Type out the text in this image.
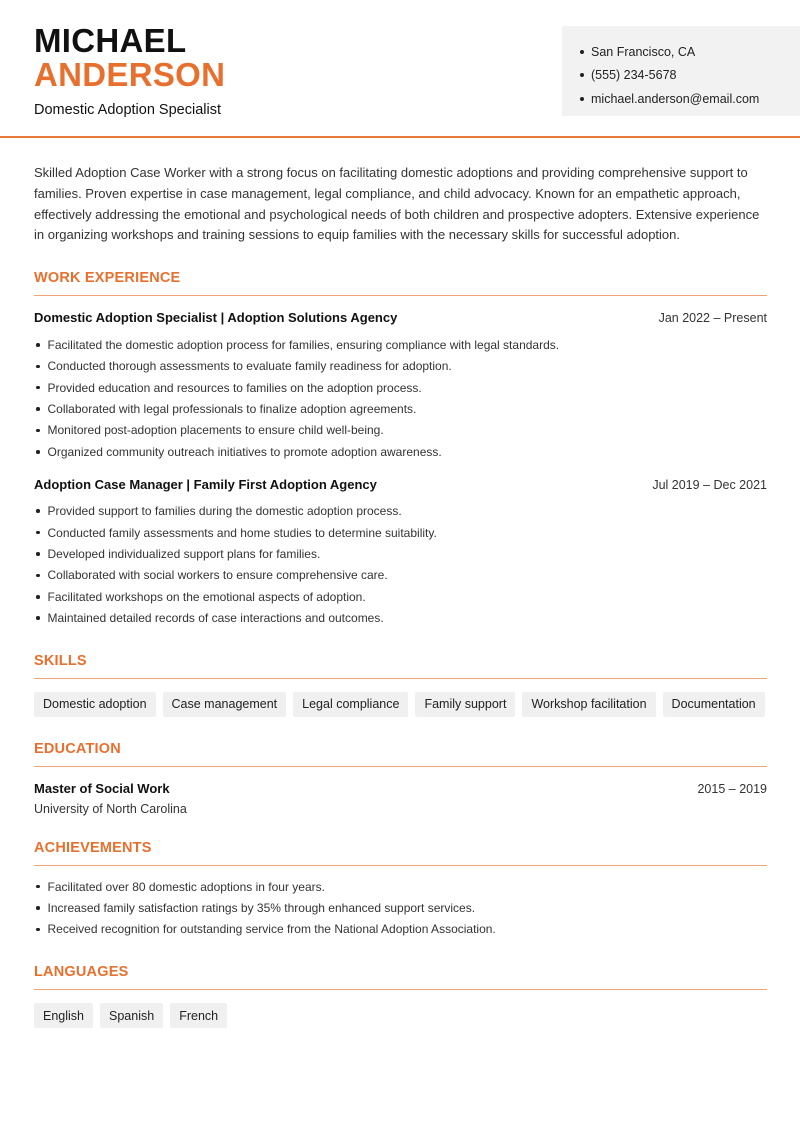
MICHAEL
ANDERSON
Domestic Adoption Specialist
San Francisco, CA
(555) 234-5678
michael.anderson@email.com

Skilled Adoption Case Worker with a strong focus on facilitating domestic adoptions and providing comprehensive support to families. Proven expertise in case management, legal compliance, and child advocacy. Known for an empathetic approach, effectively addressing the emotional and psychological needs of both children and prospective adopters. Extensive experience in organizing workshops and training sessions to equip families with the necessary skills for successful adoption.

WORK EXPERIENCE
Domestic Adoption Specialist | Adoption Solutions Agency	Jan 2022 – Present
Facilitated the domestic adoption process for families, ensuring compliance with legal standards.
Conducted thorough assessments to evaluate family readiness for adoption.
Provided education and resources to families on the adoption process.
Collaborated with legal professionals to finalize adoption agreements.
Monitored post-adoption placements to ensure child well-being.
Organized community outreach initiatives to promote adoption awareness.
Adoption Case Manager | Family First Adoption Agency	Jul 2019 – Dec 2021
Provided support to families during the domestic adoption process.
Conducted family assessments and home studies to determine suitability.
Developed individualized support plans for families.
Collaborated with social workers to ensure comprehensive care.
Facilitated workshops on the emotional aspects of adoption.
Maintained detailed records of case interactions and outcomes.
SKILLS
Domestic adoption	Case management	Legal compliance	Family support	Workshop facilitation	Documentation
EDUCATION
Master of Social Work	2015 – 2019
University of North Carolina
ACHIEVEMENTS
Facilitated over 80 domestic adoptions in four years.
Increased family satisfaction ratings by 35% through enhanced support services.
Received recognition for outstanding service from the National Adoption Association.
LANGUAGES
English	Spanish	French
